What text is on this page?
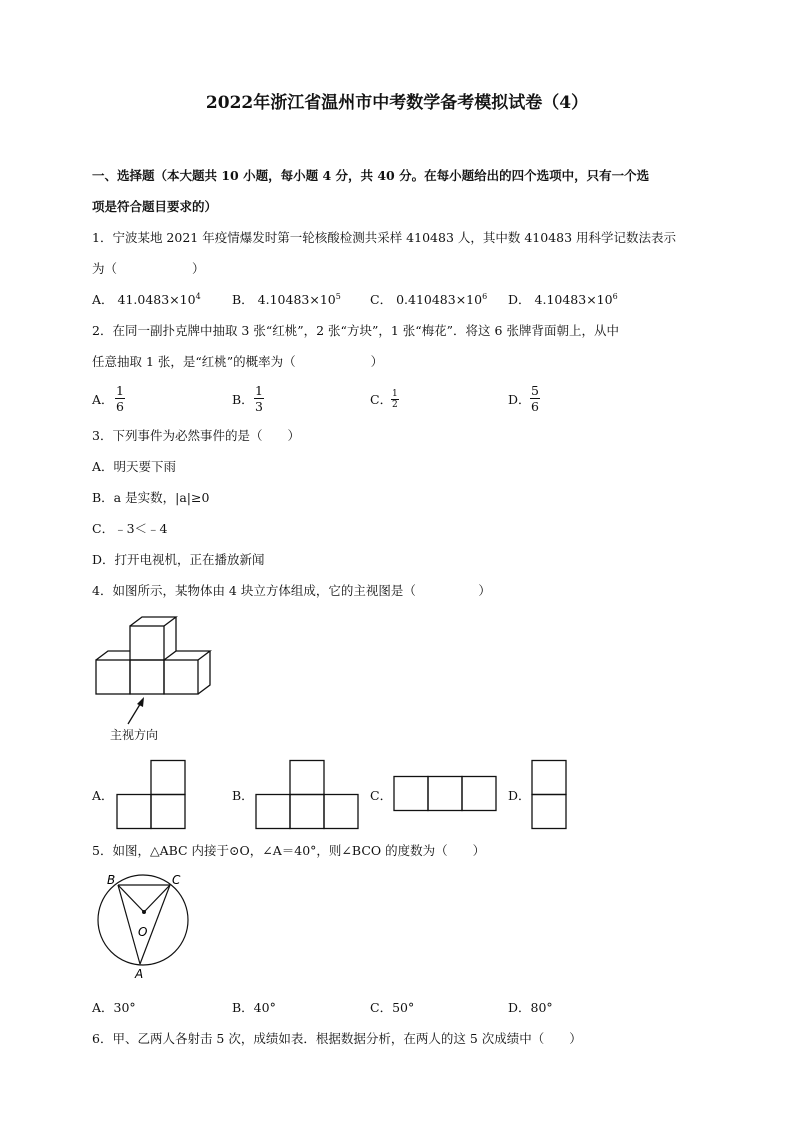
2022年浙江省温州市中考数学备考模拟试卷（4）
一、选择题（本大题共 10 小题，每小题 4 分，共 40 分。在每小题给出的四个选项中，只有一个选
项是符合题目要求的）
1．宁波某地 2021 年疫情爆发时第一轮核酸检测共采样 410483 人，其中数 410483 用科学记数法表示
为（　　　　　　）
A． $41.0483\times 10^4$	B． $4.10483\times 10^5$ C． $0.410483\times 10^6$ D． $4.10483\times 10^6$
2．在同一副扑克牌中抽取 3 张“红桃”，2 张“方块”，1 张“梅花”．将这 6 张牌背面朝上，从中
任意抽取 1 张，是“红桃”的概率为（　　　　　　）
A． $\frac{1}{6}$	B． $\frac{1}{3}$	C．
$\frac{1}{2}$	D． $\frac{5}{6}$
3．下列事件为必然事件的是（　　）
A．明天要下雨
B．a 是实数，|a|≥0
C．﹣3＜﹣4
D．打开电视机，正在播放新闻
4．如图所示，某物体由 4 块立方体组成，它的主视图是（　　　　　）
主视方向
A．	B．	C．	D．
5．如图，△ABC 内接于⊙O，∠A＝40°，则∠BCO 的度数为（　　）
B	C
O
A
A．30°	B．40°	C．50°	D．80°
6．甲、乙两人各射击 5 次，成绩如表．根据数据分析，在两人的这 5 次成绩中（　　）
